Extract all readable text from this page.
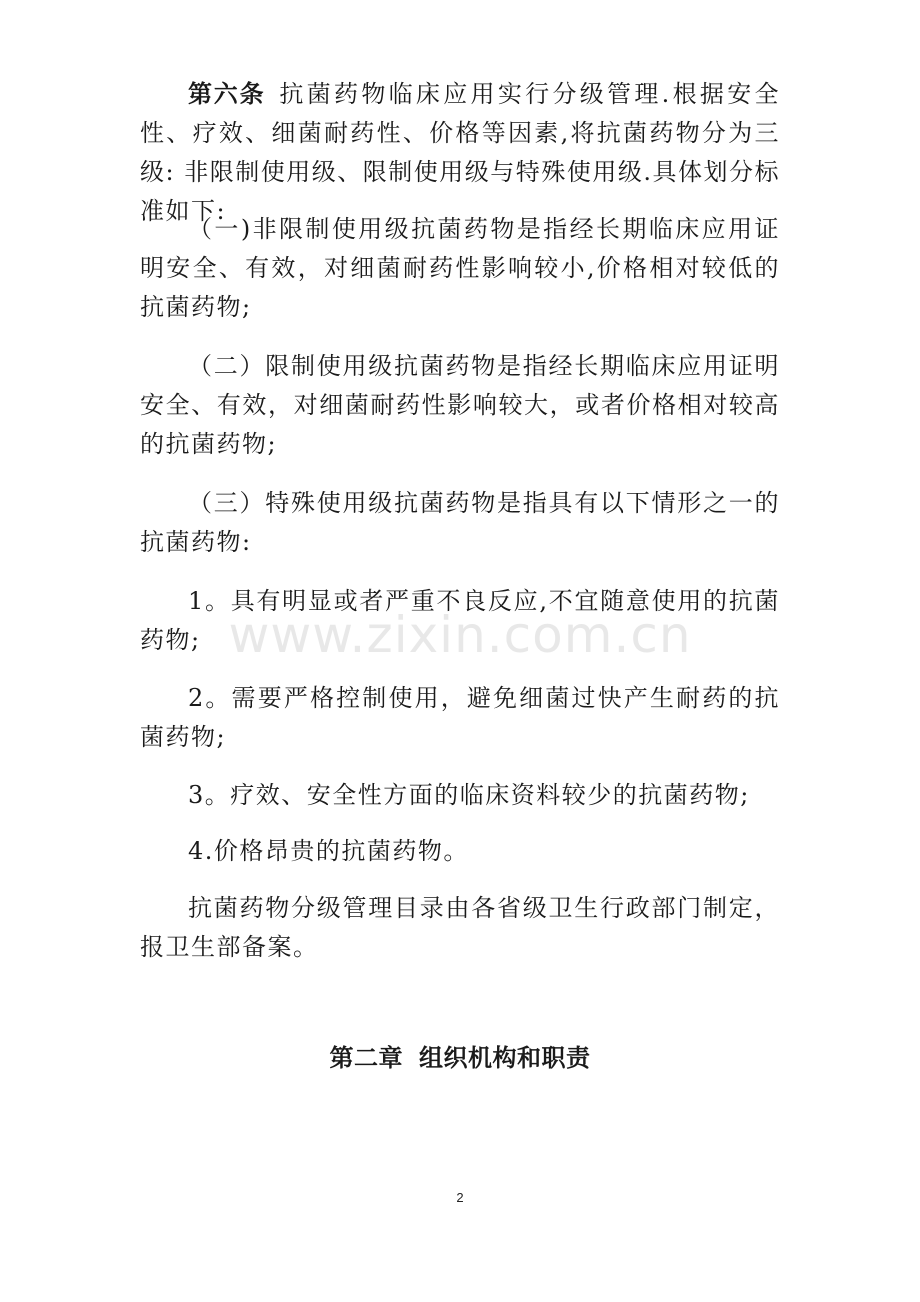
第六条 抗菌药物临床应用实行分级管理.根据安全性、疗效、细菌耐药性、价格等因素,将抗菌药物分为三级: 非限制使用级、限制使用级与特殊使用级.具体划分标准如下:

（一)非限制使用级抗菌药物是指经长期临床应用证明安全、有效，对细菌耐药性影响较小,价格相对较低的抗菌药物;

（二）限制使用级抗菌药物是指经长期临床应用证明安全、有效，对细菌耐药性影响较大，或者价格相对较高的抗菌药物;

（三）特殊使用级抗菌药物是指具有以下情形之一的抗菌药物:

1。具有明显或者严重不良反应,不宜随意使用的抗菌药物;

2。需要严格控制使用，避免细菌过快产生耐药的抗菌药物;

3。疗效、安全性方面的临床资料较少的抗菌药物;

4.价格昂贵的抗菌药物。

抗菌药物分级管理目录由各省级卫生行政部门制定，报卫生部备案。

第二章 组织机构和职责
www.zixin.com.cn
2
